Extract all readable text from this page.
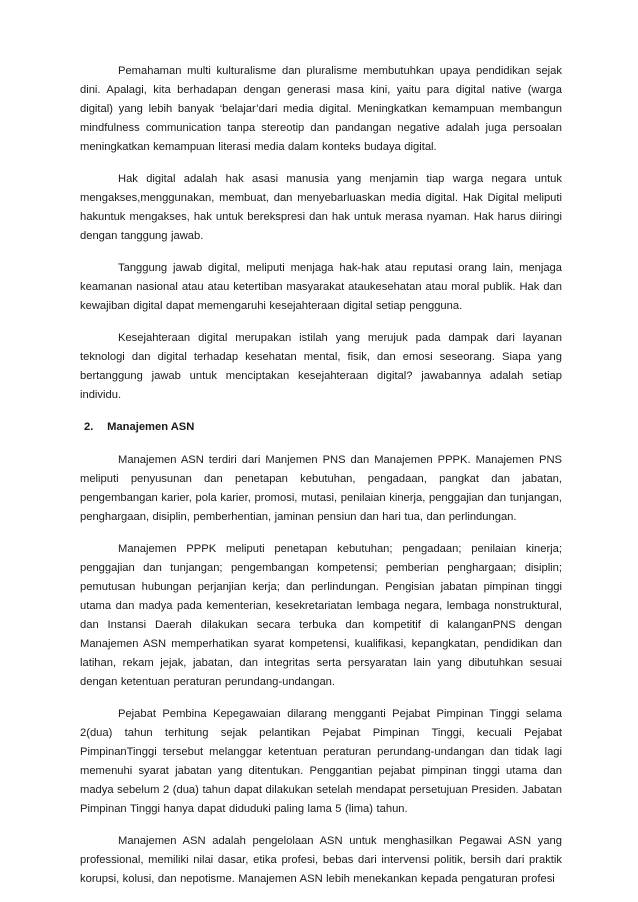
Pemahaman multi kulturalisme dan pluralisme membutuhkan upaya pendidikan sejak dini. Apalagi, kita berhadapan dengan generasi masa kini, yaitu para digital native (warga digital) yang lebih banyak ‘belajar’dari media digital. Meningkatkan kemampuan membangun mindfulness communication tanpa stereotip dan pandangan negative adalah juga persoalan meningkatkan kemampuan literasi media dalam konteks budaya digital.

Hak digital adalah hak asasi manusia yang menjamin tiap warga negara untuk mengakses,menggunakan, membuat, dan menyebarluaskan media digital. Hak Digital meliputi hakuntuk mengakses, hak untuk berekspresi dan hak untuk merasa nyaman. Hak harus diiringi dengan tanggung jawab.

Tanggung jawab digital, meliputi menjaga hak-hak atau reputasi orang lain, menjaga keamanan nasional atau atau ketertiban masyarakat ataukesehatan atau moral publik. Hak dan kewajiban digital dapat memengaruhi kesejahteraan digital setiap pengguna.

Kesejahteraan digital merupakan istilah yang merujuk pada dampak dari layanan teknologi dan digital terhadap kesehatan mental, fisik, dan emosi seseorang. Siapa yang bertanggung jawab untuk menciptakan kesejahteraan digital? jawabannya adalah setiap individu.

2. Manajemen ASN

Manajemen ASN terdiri dari Manjemen PNS dan Manajemen PPPK. Manajemen PNS meliputi penyusunan dan penetapan kebutuhan, pengadaan, pangkat dan jabatan, pengembangan karier, pola karier, promosi, mutasi, penilaian kinerja, penggajian dan tunjangan, penghargaan, disiplin, pemberhentian, jaminan pensiun dan hari tua, dan perlindungan.

Manajemen PPPK meliputi penetapan kebutuhan; pengadaan; penilaian kinerja; penggajian dan tunjangan; pengembangan kompetensi; pemberian penghargaan; disiplin; pemutusan hubungan perjanjian kerja; dan perlindungan. Pengisian jabatan pimpinan tinggi utama dan madya pada kementerian, kesekretariatan lembaga negara, lembaga nonstruktural, dan Instansi Daerah dilakukan secara terbuka dan kompetitif di kalanganPNS dengan Manajemen ASN memperhatikan syarat kompetensi, kualifikasi, kepangkatan, pendidikan dan latihan, rekam jejak, jabatan, dan integritas serta persyaratan lain yang dibutuhkan sesuai dengan ketentuan peraturan perundang-undangan.

Pejabat Pembina Kepegawaian dilarang mengganti Pejabat Pimpinan Tinggi selama 2(dua) tahun terhitung sejak pelantikan Pejabat Pimpinan Tinggi, kecuali Pejabat PimpinanTinggi tersebut melanggar ketentuan peraturan perundang-undangan dan tidak lagi memenuhi syarat jabatan yang ditentukan. Penggantian pejabat pimpinan tinggi utama dan madya sebelum 2 (dua) tahun dapat dilakukan setelah mendapat persetujuan Presiden. Jabatan Pimpinan Tinggi hanya dapat diduduki paling lama 5 (lima) tahun.

Manajemen ASN adalah pengelolaan ASN untuk menghasilkan Pegawai ASN yang professional, memiliki nilai dasar, etika profesi, bebas dari intervensi politik, bersih dari praktik korupsi, kolusi, dan nepotisme. Manajemen ASN lebih menekankan kepada pengaturan profesi
